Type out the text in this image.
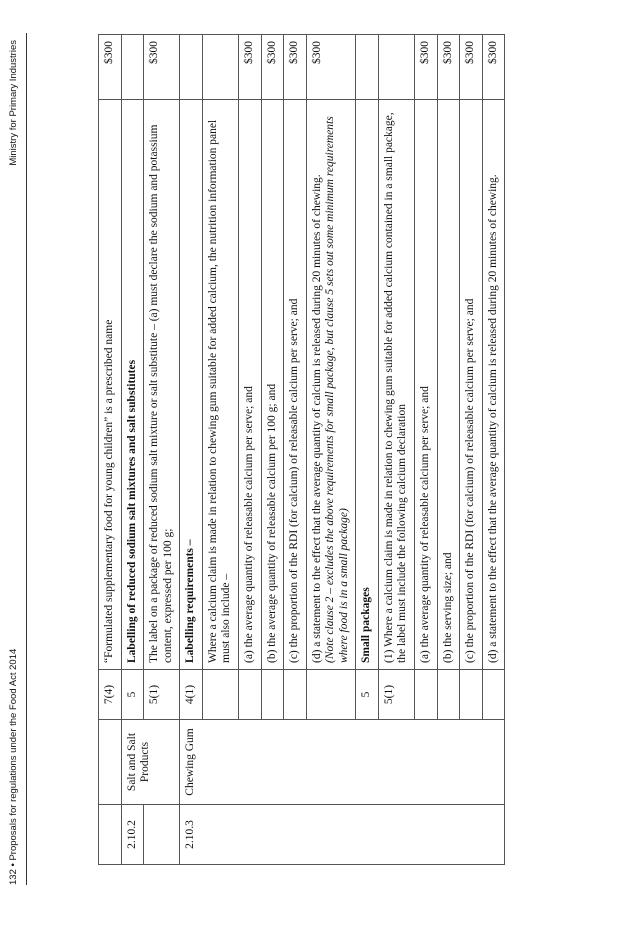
132 • Proposals for regulations under the Food Act 2014
Ministry for Primary Industries
		7(4)	“Formulated supplementary food for young children” is a prescribed name	$300
2.10.2	Salt and Salt Products	5	Labelling of reduced sodium salt mixtures and salt substitutes	
		5(1)	The label on a package of reduced sodium salt mixture or salt substitute – (a) must declare the sodium and potassium content, expressed per 100 g;	$300
2.10.3	Chewing Gum	4(1)	Labelling requirements –	
			Where a calcium claim is made in relation to chewing gum suitable for added calcium, the nutrition information panel must also include –	
			(a) the average quantity of releasable calcium per serve; and	$300
			(b) the average quantity of releasable calcium per 100 g; and	$300
			(c) the proportion of the RDI (for calcium) of releasable calcium per serve; and	$300

			(d) a statement to the effect that the average quantity of calcium is released during 20 minutes of chewing. (Note clause 2 – excludes the above requirements for small package, but clause 5 sets out some minimum requirements where food is in a small package)	$300
		5	Small packages	
		5(1)	(1) Where a calcium claim is made in relation to chewing gum suitable for added calcium contained in a small package, the label must include the following calcium declaration	
			(a) the average quantity of releasable calcium per serve; and	$300
			(b) the serving size; and	$300
			(c) the proportion of the RDI (for calcium) of releasable calcium per serve; and	$300
			(d) a statement to the effect that the average quantity of calcium is released during 20 minutes of chewing.	$300
